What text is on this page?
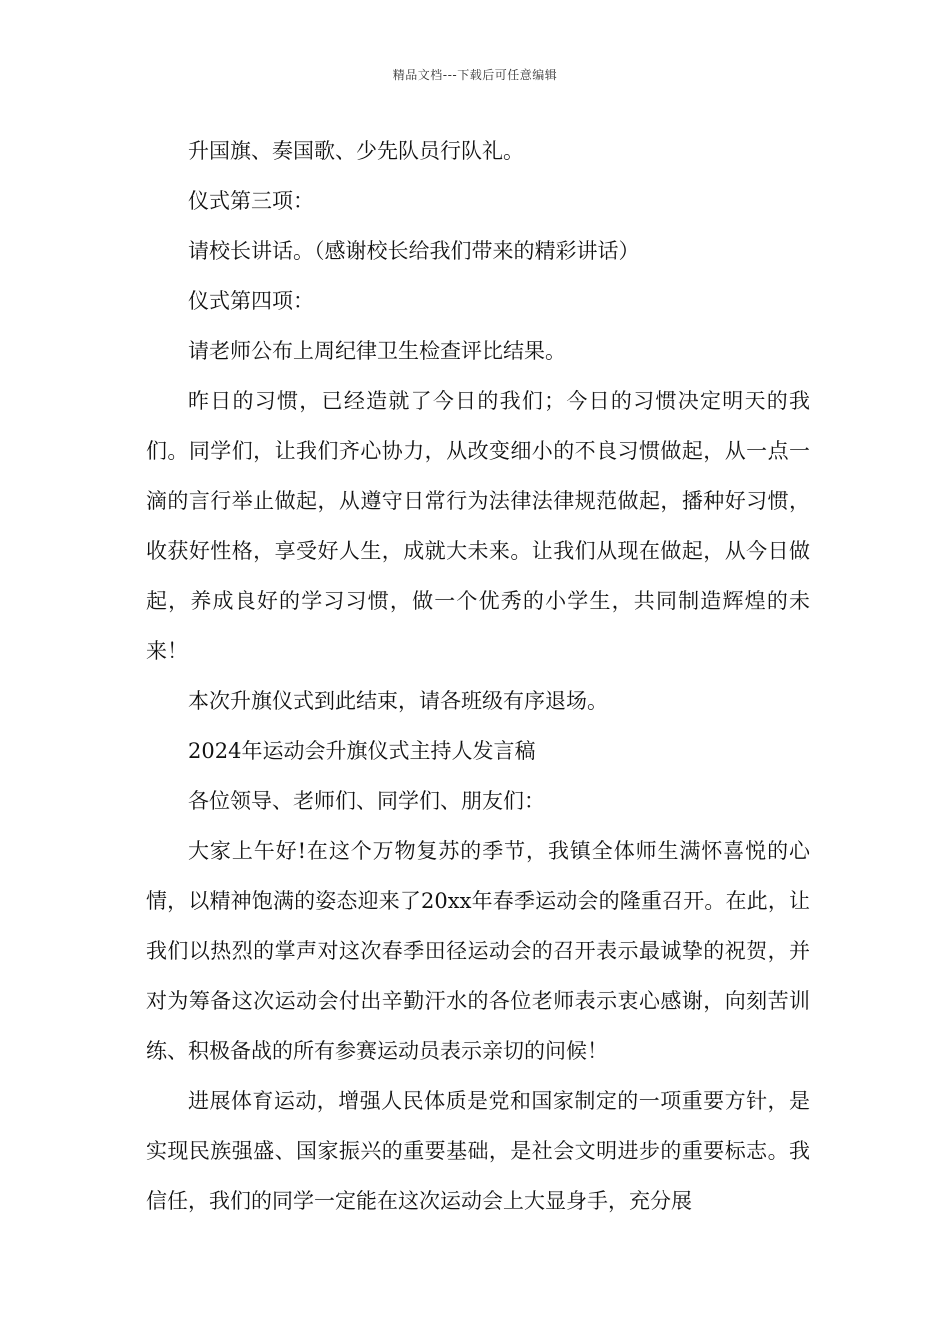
精品文档---下载后可任意编辑

升国旗、奏国歌、少先队员行队礼。

仪式第三项：

请校长讲话。（感谢校长给我们带来的精彩讲话）

仪式第四项：

请老师公布上周纪律卫生检查评比结果。

昨日的习惯，已经造就了今日的我们；今日的习惯决定明天的我们。同学们，让我们齐心协力，从改变细小的不良习惯做起，从一点一滴的言行举止做起，从遵守日常行为法律法律规范做起，播种好习惯，收获好性格，享受好人生，成就大未来。让我们从现在做起，从今日做起，养成良好的学习习惯，做一个优秀的小学生，共同制造辉煌的未来！

本次升旗仪式到此结束，请各班级有序退场。

2024年运动会升旗仪式主持人发言稿

各位领导、老师们、同学们、朋友们：

大家上午好!在这个万物复苏的季节，我镇全体师生满怀喜悦的心情，以精神饱满的姿态迎来了20xx年春季运动会的隆重召开。在此，让我们以热烈的掌声对这次春季田径运动会的召开表示最诚挚的祝贺，并对为筹备这次运动会付出辛勤汗水的各位老师表示衷心感谢，向刻苦训练、积极备战的所有参赛运动员表示亲切的问候！

进展体育运动，增强人民体质是党和国家制定的一项重要方针，是实现民族强盛、国家振兴的重要基础，是社会文明进步的重要标志。我信任，我们的同学一定能在这次运动会上大显身手，充分展
